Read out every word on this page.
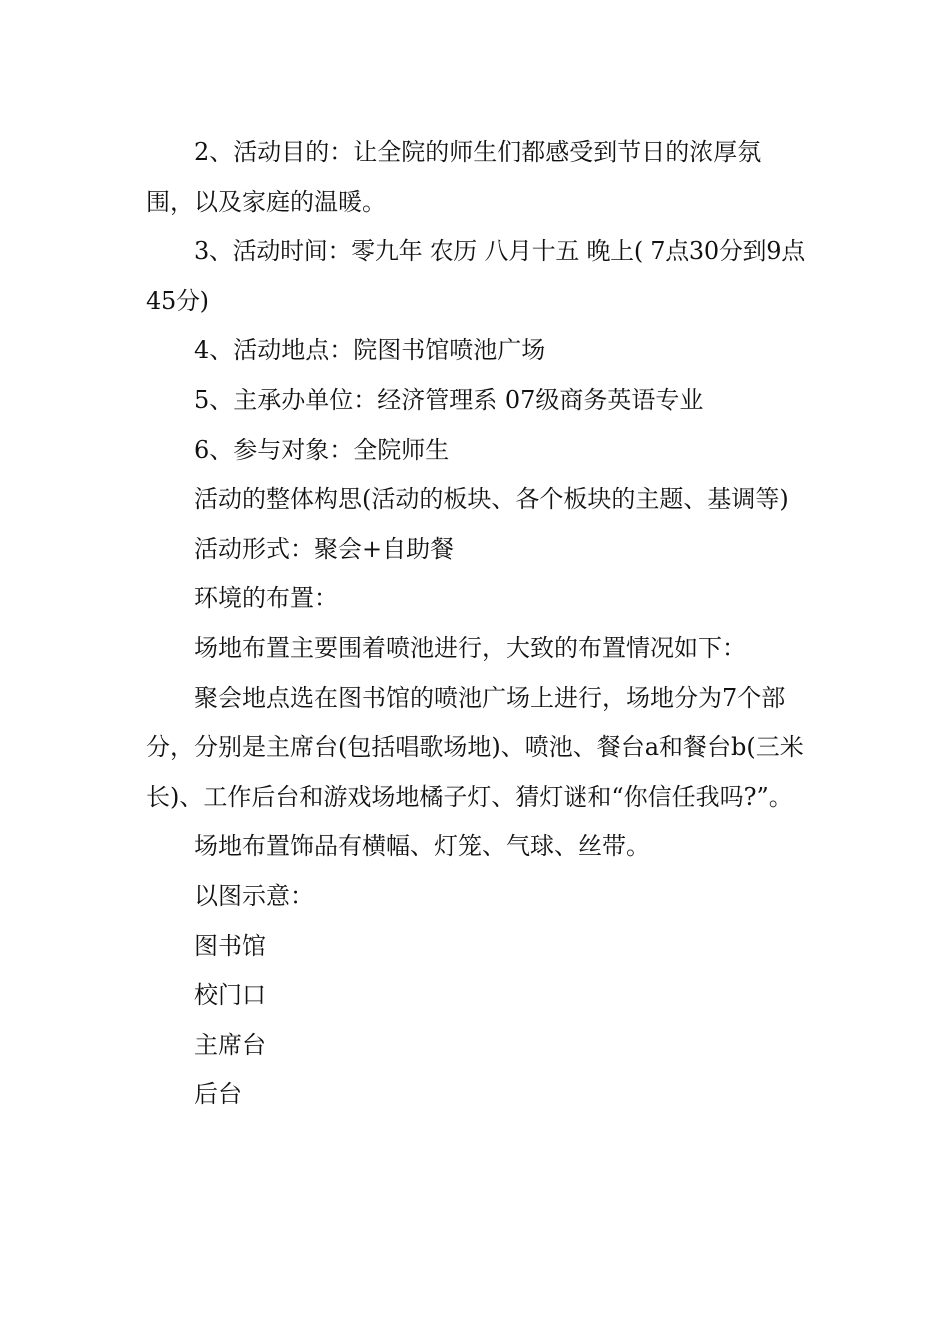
2、活动目的：让全院的师生们都感受到节日的浓厚氛围，以及家庭的温暖。

3、活动时间：零九年 农历 八月十五 晚上( 7点30分到9点45分)

4、活动地点：院图书馆喷池广场

5、主承办单位：经济管理系 07级商务英语专业

6、参与对象：全院师生

活动的整体构思(活动的板块、各个板块的主题、基调等)

活动形式：聚会+自助餐

环境的布置：

场地布置主要围着喷池进行，大致的布置情况如下：

聚会地点选在图书馆的喷池广场上进行，场地分为7个部分，分别是主席台(包括唱歌场地)、喷池、餐台a和餐台b(三米长)、工作后台和游戏场地橘子灯、猜灯谜和“你信任我吗?”。

场地布置饰品有横幅、灯笼、气球、丝带。

以图示意：

图书馆

校门口

主席台

后台
